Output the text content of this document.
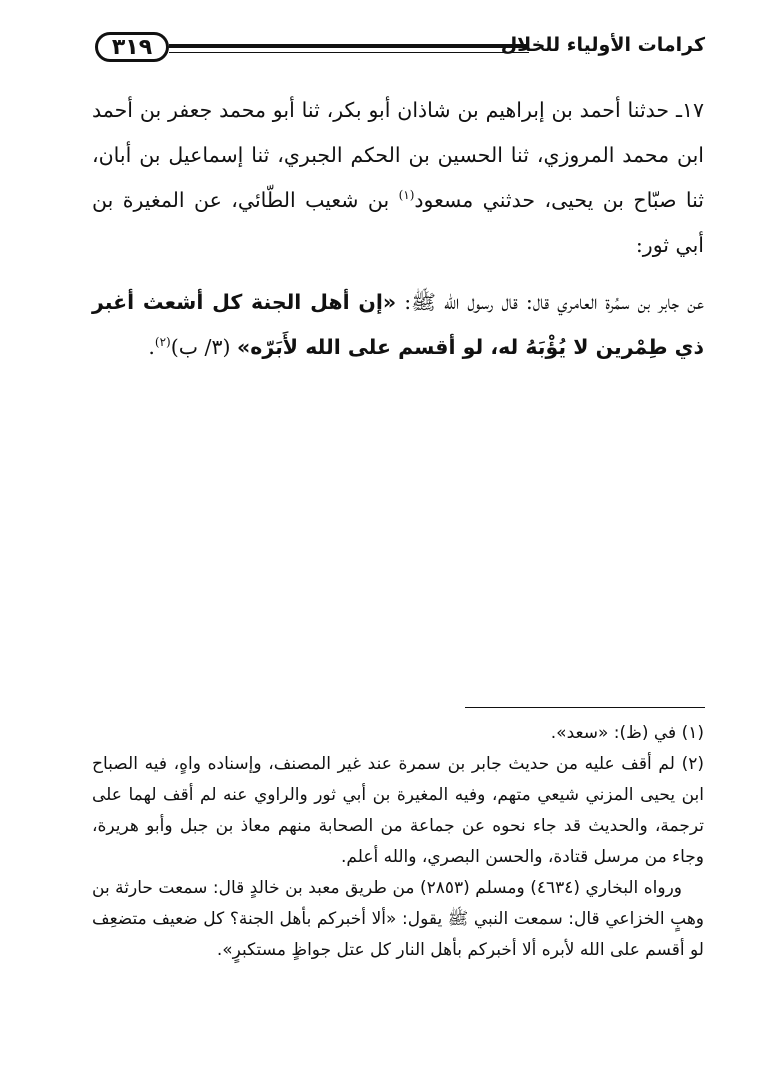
٣١٩	كرامات الأولياء للخلال

١٧ـ حدثنا أحمد بن إبراهيم بن شاذان أبو بكر، ثنا أبو محمد جعفر بن أحمد ابن محمد المروزي، ثنا الحسين بن الحكم الجبري، ثنا إسماعيل بن أبان، ثنا صبّاح بن يحيى، حدثني مسعود$^{(١)}$ بن شعيب الطّائي، عن المغيرة بن أبي ثور:

عن جابر بن سمُرة العامري قال: قال رسول الله ﷺ: «إن أهل الجنة كل أشعث أغبر ذي طِمْرين لا يُؤْبَهُ له، لو أقسم على الله لأَبَرّه» (٣/ ب)$^{(٢)}$.

(١) في (ظ): «سعد».

(٢) لم أقف عليه من حديث جابر بن سمرة عند غير المصنف، وإسناده واهٍ، فيه الصباح ابن يحيى المزني شيعي متهم، وفيه المغيرة بن أبي ثور والراوي عنه لم أقف لهما على ترجمة، والحديث قد جاء نحوه عن جماعة من الصحابة منهم معاذ بن جبل وأبو هريرة، وجاء من مرسل قتادة، والحسن البصري، والله أعلم.

ورواه البخاري (٤٦٣٤) ومسلم (٢٨٥٣) من طريق معبد بن خالدٍ قال: سمعت حارثة بن وهبٍ الخزاعي قال: سمعت النبي ﷺ يقول: «ألا أخبركم بأهل الجنة؟ كل ضعيف متضعِف لو أقسم على الله لأبره ألا أخبركم بأهل النار كل عتل جواظٍ مستكبرٍ».
